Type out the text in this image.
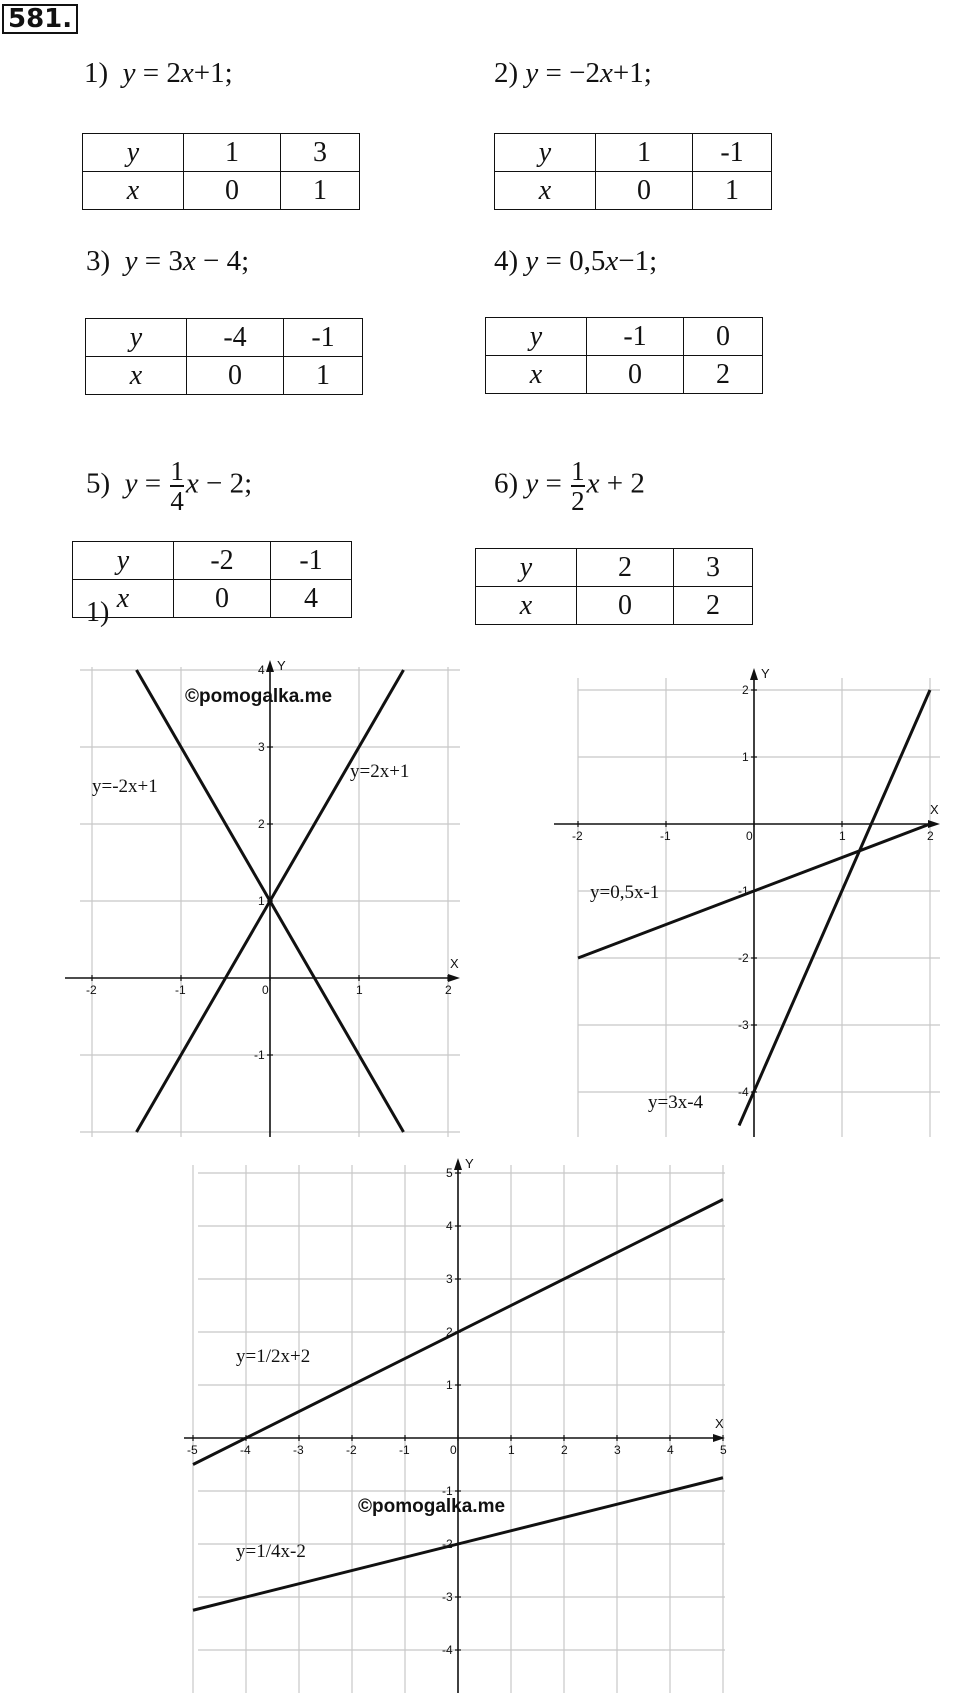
581.
1) y = 2x+1;	2) y = −2x+1;
3) y = 3x − 4;	4) y = 0,5x−1;
5) $y = \frac{1}{4}$ x − 2;	6) $y = \frac{1}{2}$ x + 2
y	1	3
x	0	1
y	1	-1
x	0	1
y	-4	-1
x	0	1
y	-1	0
x	0	2
y	-2	-1
x	0	4
y	2	3
x	0	2
1)
X
Y
-2	-1	0	1	2
-1
1
2
3
4
y=-2x+1
y=2x+1
©pomogalka.me
X
Y
-2	-1	0	1	2
-4
-3
-2
-1
1
2
y=0,5x-1
y=3x-4
X
Y
-5	-4	-3	-2	-1	0	1	2	3	4	5
-4
-3
-2
-1
1
2
3
4
5
y=1/2x+2
y=1/4x-2
©pomogalka.me
